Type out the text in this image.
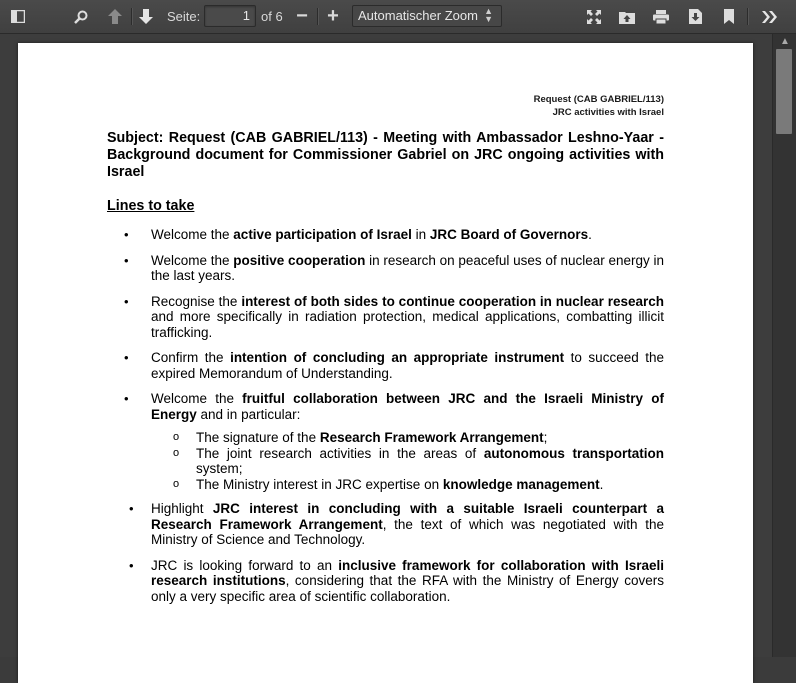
Seite:	1 of 6 − +	Automatischer Zoom ▲
▼
Request (CAB GABRIEL/113)
JRC activities with Israel
Subject: Request (CAB GABRIEL/113) - Meeting with Ambassador Leshno-Yaar - Background document for Commissioner Gabriel on JRC ongoing activities with Israel
Lines to take
• Welcome the active participation of Israel in JRC Board of Governors.
• Welcome the positive cooperation in research on peaceful uses of nuclear energy in the last years.
• Recognise the interest of both sides to continue cooperation in nuclear research and more specifically in radiation protection, medical applications, combatting illicit trafficking.
• Confirm the intention of concluding an appropriate instrument to succeed the expired Memorandum of Understanding.
• Welcome the fruitful collaboration between JRC and the Israeli Ministry of Energy and in particular:
o The signature of the Research Framework Arrangement;
o The joint research activities in the areas of autonomous transportation system;
o The Ministry interest in JRC expertise on knowledge management.
• Highlight JRC interest in concluding with a suitable Israeli counterpart a Research Framework Arrangement, the text of which was negotiated with the Ministry of Science and Technology.
• JRC is looking forward to an inclusive framework for collaboration with Israeli research institutions, considering that the RFA with the Ministry of Energy covers only a very specific area of scientific collaboration.
▲
